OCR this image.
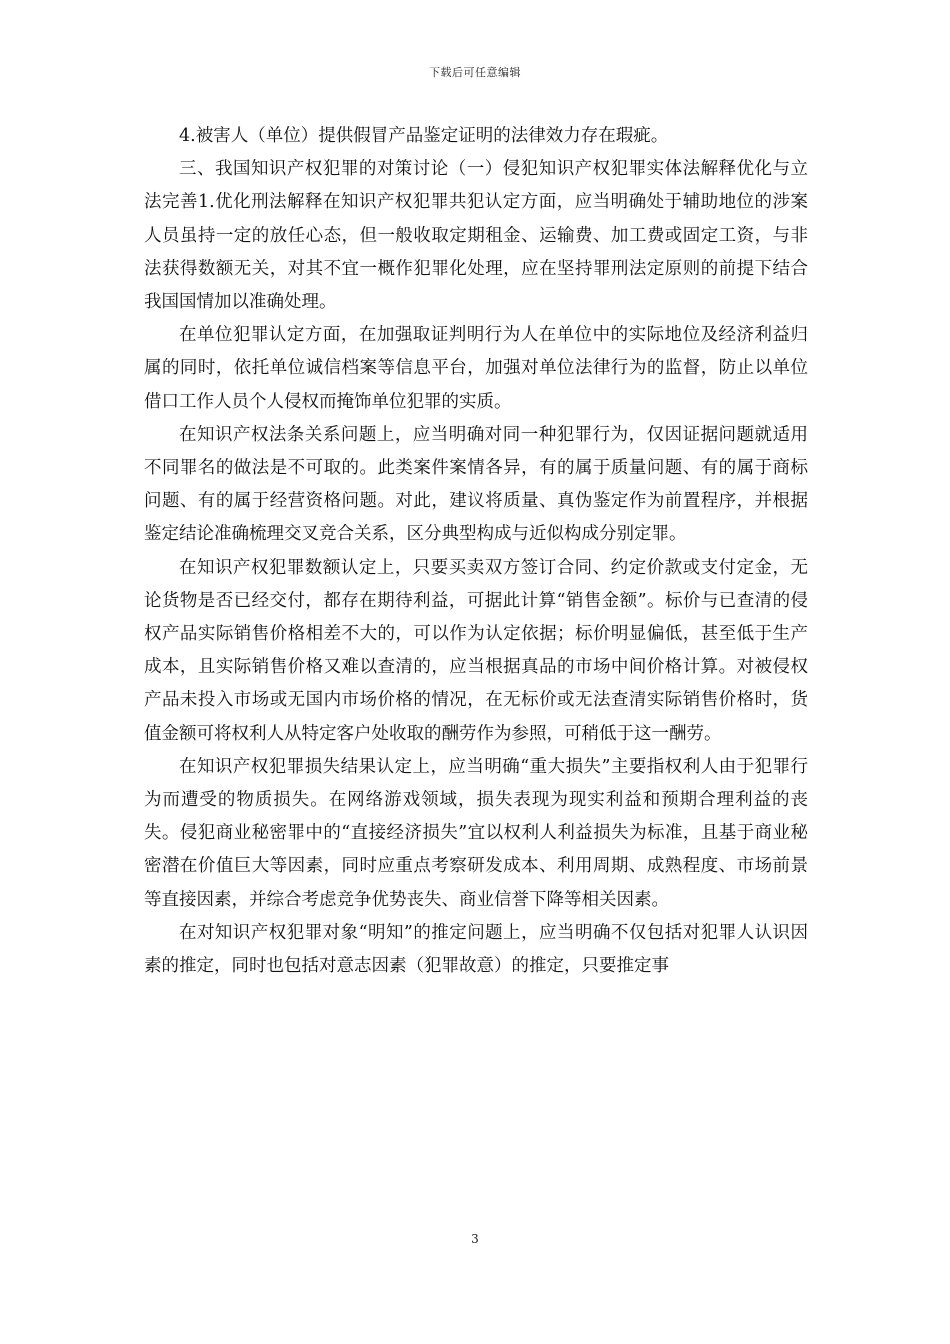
下载后可任意编辑

4.被害人（单位）提供假冒产品鉴定证明的法律效力存在瑕疵。

三、我国知识产权犯罪的对策讨论（一）侵犯知识产权犯罪实体法解释优化与立法完善1.优化刑法解释在知识产权犯罪共犯认定方面，应当明确处于辅助地位的涉案人员虽持一定的放任心态，但一般收取定期租金、运输费、加工费或固定工资，与非法获得数额无关，对其不宜一概作犯罪化处理，应在坚持罪刑法定原则的前提下结合我国国情加以准确处理。

在单位犯罪认定方面，在加强取证判明行为人在单位中的实际地位及经济利益归属的同时，依托单位诚信档案等信息平台，加强对单位法律行为的监督，防止以单位借口工作人员个人侵权而掩饰单位犯罪的实质。

在知识产权法条关系问题上，应当明确对同一种犯罪行为，仅因证据问题就适用不同罪名的做法是不可取的。此类案件案情各异，有的属于质量问题、有的属于商标问题、有的属于经营资格问题。对此，建议将质量、真伪鉴定作为前置程序，并根据鉴定结论准确梳理交叉竞合关系，区分典型构成与近似构成分别定罪。

在知识产权犯罪数额认定上，只要买卖双方签订合同、约定价款或支付定金，无论货物是否已经交付，都存在期待利益，可据此计算“销售金额”。标价与已查清的侵权产品实际销售价格相差不大的，可以作为认定依据；标价明显偏低，甚至低于生产成本，且实际销售价格又难以查清的，应当根据真品的市场中间价格计算。对被侵权产品未投入市场或无国内市场价格的情况，在无标价或无法查清实际销售价格时，货值金额可将权利人从特定客户处收取的酬劳作为参照，可稍低于这一酬劳。

在知识产权犯罪损失结果认定上，应当明确“重大损失”主要指权利人由于犯罪行为而遭受的物质损失。在网络游戏领域，损失表现为现实利益和预期合理利益的丧失。侵犯商业秘密罪中的“直接经济损失”宜以权利人利益损失为标准，且基于商业秘密潜在价值巨大等因素，同时应重点考察研发成本、利用周期、成熟程度、市场前景等直接因素，并综合考虑竞争优势丧失、商业信誉下降等相关因素。

在对知识产权犯罪对象“明知”的推定问题上，应当明确不仅包括对犯罪人认识因素的推定，同时也包括对意志因素（犯罪故意）的推定，只要推定事

3
